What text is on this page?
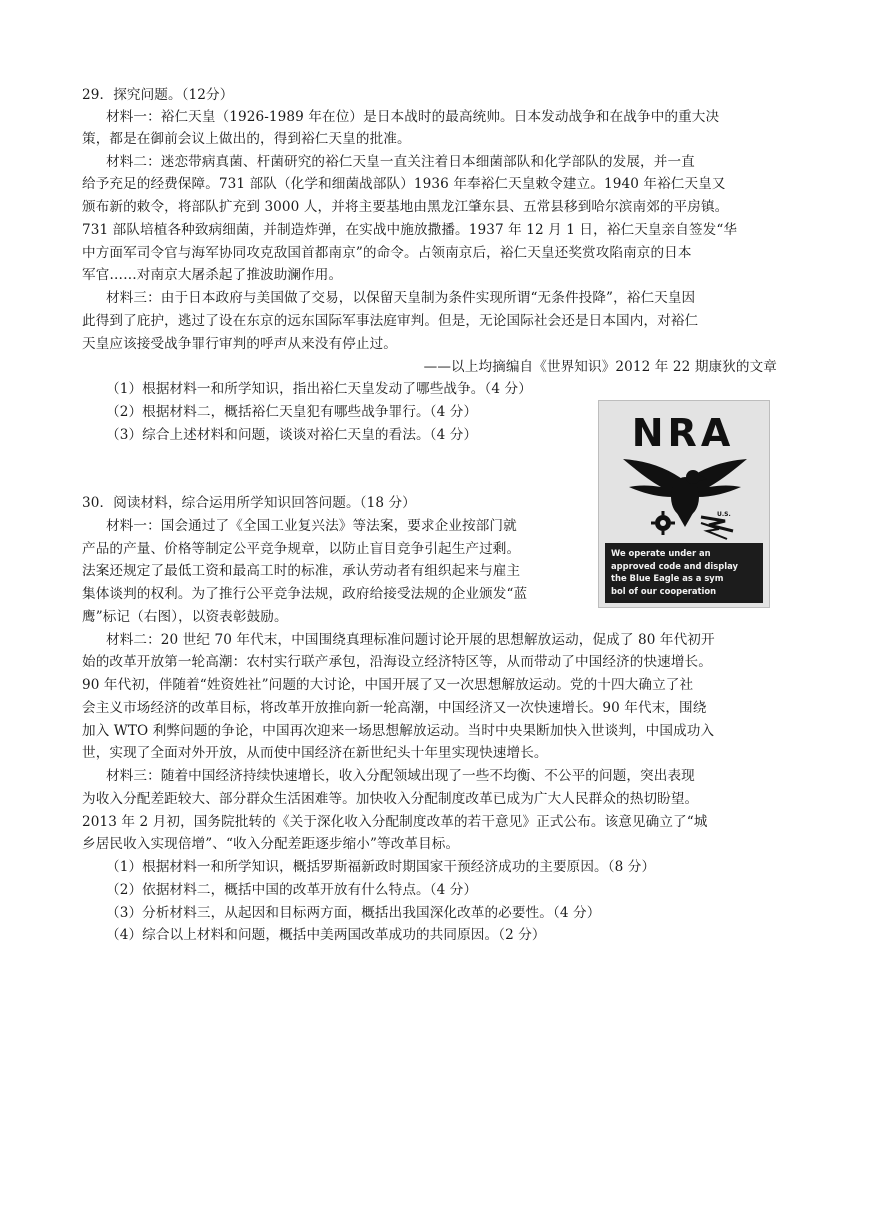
29．探究问题。（12分）
材料一：裕仁天皇（1926-1989 年在位）是日本战时的最高统帅。日本发动战争和在战争中的重大决
策，都是在御前会议上做出的，得到裕仁天皇的批准。
材料二：迷恋带病真菌、杆菌研究的裕仁天皇一直关注着日本细菌部队和化学部队的发展，并一直
给予充足的经费保障。731 部队（化学和细菌战部队）1936 年奉裕仁天皇敕令建立。1940 年裕仁天皇又
颁布新的敕令，将部队扩充到 3000 人，并将主要基地由黑龙江肇东县、五常县移到哈尔滨南郊的平房镇。
731 部队培植各种致病细菌，并制造炸弹，在实战中施放撒播。1937 年 12 月 1 日，裕仁天皇亲自签发“华
中方面军司令官与海军协同攻克敌国首都南京”的命令。占领南京后，裕仁天皇还奖赏攻陷南京的日本
军官……对南京大屠杀起了推波助澜作用。
材料三：由于日本政府与美国做了交易，以保留天皇制为条件实现所谓“无条件投降”，裕仁天皇因
此得到了庇护，逃过了设在东京的远东国际军事法庭审判。但是，无论国际社会还是日本国内，对裕仁
天皇应该接受战争罪行审判的呼声从来没有停止过。
——以上均摘编自《世界知识》2012 年 22 期康狄的文章
（1）根据材料一和所学知识，指出裕仁天皇发动了哪些战争。（4 分）
（2）根据材料二，概括裕仁天皇犯有哪些战争罪行。（4 分）
（3）综合上述材料和问题，谈谈对裕仁天皇的看法。（4 分）
30．阅读材料，综合运用所学知识回答问题。（18 分）
材料一：国会通过了《全国工业复兴法》等法案，要求企业按部门就
产品的产量、价格等制定公平竞争规章，以防止盲目竞争引起生产过剩。
法案还规定了最低工资和最高工时的标准，承认劳动者有组织起来与雇主
集体谈判的权利。为了推行公平竞争法规，政府给接受法规的企业颁发“蓝
鹰”标记（右图），以资表彰鼓励。
材料二：20 世纪 70 年代末，中国围绕真理标准问题讨论开展的思想解放运动，促成了 80 年代初开
始的改革开放第一轮高潮：农村实行联产承包，沿海设立经济特区等，从而带动了中国经济的快速增长。
90 年代初，伴随着“姓资姓社”问题的大讨论，中国开展了又一次思想解放运动。党的十四大确立了社
会主义市场经济的改革目标，将改革开放推向新一轮高潮，中国经济又一次快速增长。90 年代末，围绕
加入 WTO 利弊问题的争论，中国再次迎来一场思想解放运动。当时中央果断加快入世谈判，中国成功入
世，实现了全面对外开放，从而使中国经济在新世纪头十年里实现快速增长。
材料三：随着中国经济持续快速增长，收入分配领域出现了一些不均衡、不公平的问题，突出表现
为收入分配差距较大、部分群众生活困难等。加快收入分配制度改革已成为广大人民群众的热切盼望。
2013 年 2 月初，国务院批转的《关于深化收入分配制度改革的若干意见》正式公布。该意见确立了“城
乡居民收入实现倍增”、“收入分配差距逐步缩小”等改革目标。
（1）根据材料一和所学知识，概括罗斯福新政时期国家干预经济成功的主要原因。（8 分）
（2）依据材料二，概括中国的改革开放有什么特点。（4 分）
（3）分析材料三，从起因和目标两方面，概括出我国深化改革的必要性。（4 分）
（4）综合以上材料和问题，概括中美两国改革成功的共同原因。（2 分）
NRA
U.S.
We operate under an
approved code and display
the Blue Eagle as a sym
bol of our cooperation
